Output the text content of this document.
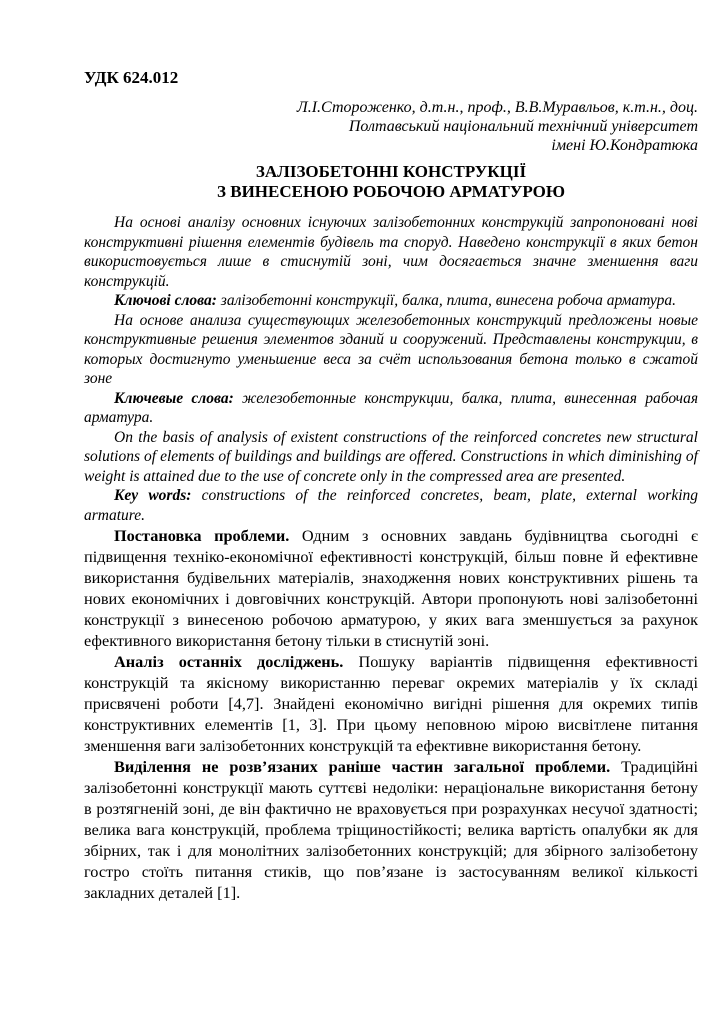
УДК 624.012

Л.І.Стороженко, д.т.н., проф., В.В.Муравльов, к.т.н., доц.

Полтавський національний технічний університет

імені Ю.Кондратюка

ЗАЛІЗОБЕТОННІ КОНСТРУКЦІЇ
З ВИНЕСЕНОЮ РОБОЧОЮ АРМАТУРОЮ

На основі аналізу основних існуючих залізобетонних конструкцій запропоновані нові конструктивні рішення елементів будівель та споруд. Наведено конструкції в яких бетон використовується лише в стиснутій зоні, чим досягається значне зменшення ваги конструкцій.

Ключові слова: залізобетонні конструкції, балка, плита, винесена робоча арматура.

На основе анализа существующих железобетонных конструкций предложены новые конструктивные решения элементов зданий и сооружений. Представлены конструкции, в которых достигнуто уменьшение веса за счёт использования бетона только в сжатой зоне

Ключевые слова: железобетонные конструкции, балка, плита, винесенная рабочая арматура.

On the basis of analysis of existent constructions of the reinforced concretes new structural solutions of elements of buildings and buildings are offered. Constructions in which diminishing of weight is attained due to the use of concrete only in the compressed area are presented.

Key words: constructions of the reinforced concretes, beam, plate, external working armature.

Постановка проблеми. Одним з основних завдань будівництва сьогодні є підвищення техніко-економічної ефективності конструкцій, більш повне й ефективне використання будівельних матеріалів, знаходження нових конструктивних рішень та нових економічних і довговічних конструкцій. Автори пропонують нові залізобетонні конструкції з винесеною робочою арматурою, у яких вага зменшується за рахунок ефективного використання бетону тільки в стиснутій зоні.

Аналіз останніх досліджень. Пошуку варіантів підвищення ефективності конструкцій та якісному використанню переваг окремих матеріалів у їх складі присвячені роботи [4,7]. Знайдені економічно вигідні рішення для окремих типів конструктивних елементів [1, 3]. При цьому неповною мірою висвітлене питання зменшення ваги залізобетонних конструкцій та ефективне використання бетону.

Виділення не розв’язаних раніше частин загальної проблеми. Традиційні залізобетонні конструкції мають суттєві недоліки: нераціональне використання бетону в розтягненій зоні, де він фактично не враховується при розрахунках несучої здатності; велика вага конструкцій, проблема тріщиностійкості; велика вартість опалубки як для збірних, так і для монолітних залізобетонних конструкцій; для збірного залізобетону гостро стоїть питання стиків, що пов’язане із застосуванням великої кількості закладних деталей [1].
